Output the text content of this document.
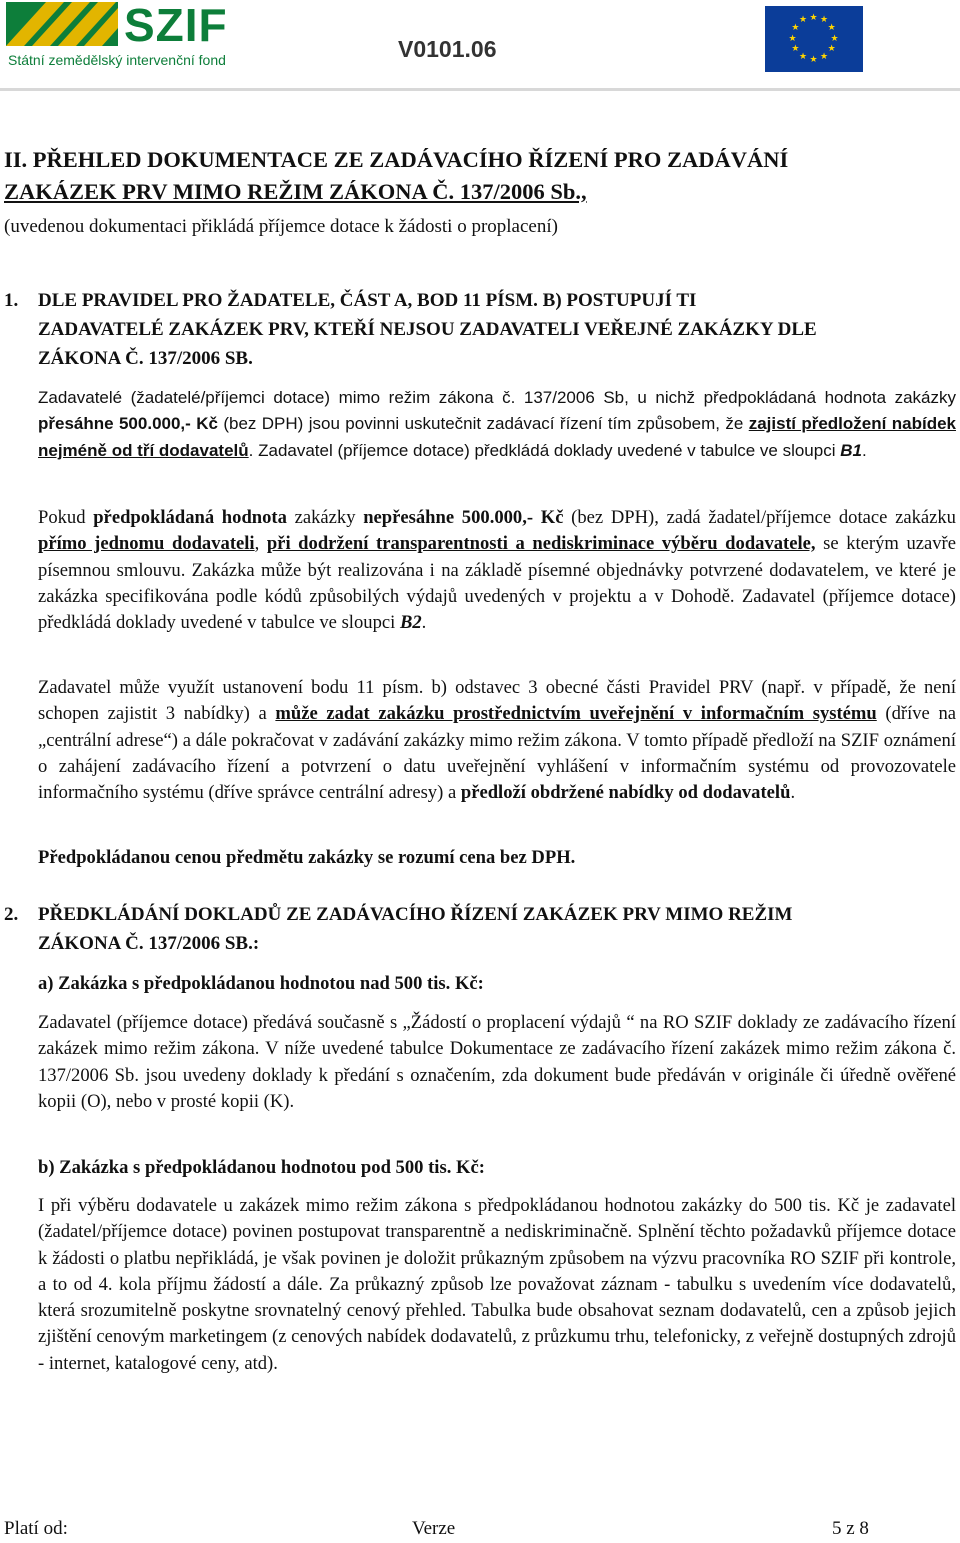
SZIF
Státní zemědělský intervenční fond	V0101.06
★ ★
★
★
★
★
★
★
★
★
★
★
II. PŘEHLED DOKUMENTACE ZE ZADÁVACÍHO ŘÍZENÍ PRO ZADÁVÁNÍ
ZAKÁZEK PRV MIMO REŽIM ZÁKONA Č. 137/2006 Sb.,

(uvedenou dokumentaci přikládá příjemce dotace k žádosti o proplacení)

1. DLE PRAVIDEL PRO ŽADATELE, ČÁST A, BOD 11 PÍSM. B) POSTUPUJÍ TI
ZADAVATELÉ ZAKÁZEK PRV, KTEŘÍ NEJSOU ZADAVATELI VEŘEJNÉ ZAKÁZKY DLE
ZÁKONA Č. 137/2006 SB.

Zadavatelé (žadatelé/příjemci dotace) mimo režim zákona č. 137/2006 Sb, u nichž předpokládaná hodnota zakázky přesáhne 500.000,- Kč (bez DPH) jsou povinni uskutečnit zadávací řízení tím způsobem, že zajistí předložení nabídek nejméně od tří dodavatelů. Zadavatel (příjemce dotace) předkládá doklady uvedené v tabulce ve sloupci B1.

Pokud předpokládaná hodnota zakázky nepřesáhne 500.000,- Kč (bez DPH), zadá žadatel/příjemce dotace zakázku přímo jednomu dodavateli, při dodržení transparentnosti a nediskriminace výběru dodavatele, se kterým uzavře písemnou smlouvu. Zakázka může být realizována i na základě písemné objednávky potvrzené dodavatelem, ve které je zakázka specifikována podle kódů způsobilých výdajů uvedených v projektu a v Dohodě. Zadavatel (příjemce dotace) předkládá doklady uvedené v tabulce ve sloupci B2.

Zadavatel může využít ustanovení bodu 11 písm. b) odstavec 3 obecné části Pravidel PRV (např. v případě, že není schopen zajistit 3 nabídky) a může zadat zakázku prostřednictvím uveřejnění v informačním systému (dříve na „centrální adrese“) a dále pokračovat v zadávání zakázky mimo režim zákona. V tomto případě předloží na SZIF oznámení o zahájení zadávacího řízení a potvrzení o datu uveřejnění vyhlášení v informačním systému od provozovatele informačního systému (dříve správce centrální adresy) a předloží obdržené nabídky od dodavatelů.

Předpokládanou cenou předmětu zakázky se rozumí cena bez DPH.

2. PŘEDKLÁDÁNÍ DOKLADŮ ZE ZADÁVACÍHO ŘÍZENÍ ZAKÁZEK PRV MIMO REŽIM
ZÁKONA Č. 137/2006 SB.:

a) Zakázka s předpokládanou hodnotou nad 500 tis. Kč:

Zadavatel (příjemce dotace) předává současně s „Žádostí o proplacení výdajů “ na RO SZIF doklady ze zadávacího řízení zakázek mimo režim zákona. V níže uvedené tabulce Dokumentace ze zadávacího řízení zakázek mimo režim zákona č. 137/2006 Sb. jsou uvedeny doklady k předání s označením, zda dokument bude předáván v originále či úředně ověřené kopii (O), nebo v prosté kopii (K).

b) Zakázka s předpokládanou hodnotou pod 500 tis. Kč:

I při výběru dodavatele u zakázek mimo režim zákona s předpokládanou hodnotou zakázky do 500 tis. Kč je zadavatel (žadatel/příjemce dotace) povinen postupovat transparentně a nediskriminačně. Splnění těchto požadavků příjemce dotace k žádosti o platbu nepřikládá, je však povinen je doložit průkazným způsobem na výzvu pracovníka RO SZIF při kontrole, a to od 4. kola příjmu žádostí a dále. Za průkazný způsob lze považovat záznam - tabulku s uvedením více dodavatelů, která srozumitelně poskytne srovnatelný cenový přehled. Tabulka bude obsahovat seznam dodavatelů, cen a způsob jejich zjištění cenovým marketingem (z cenových nabídek dodavatelů, z průzkumu trhu, telefonicky, z veřejně dostupných zdrojů - internet, katalogové ceny, atd).

Platí od:	Verze	5 z 8
